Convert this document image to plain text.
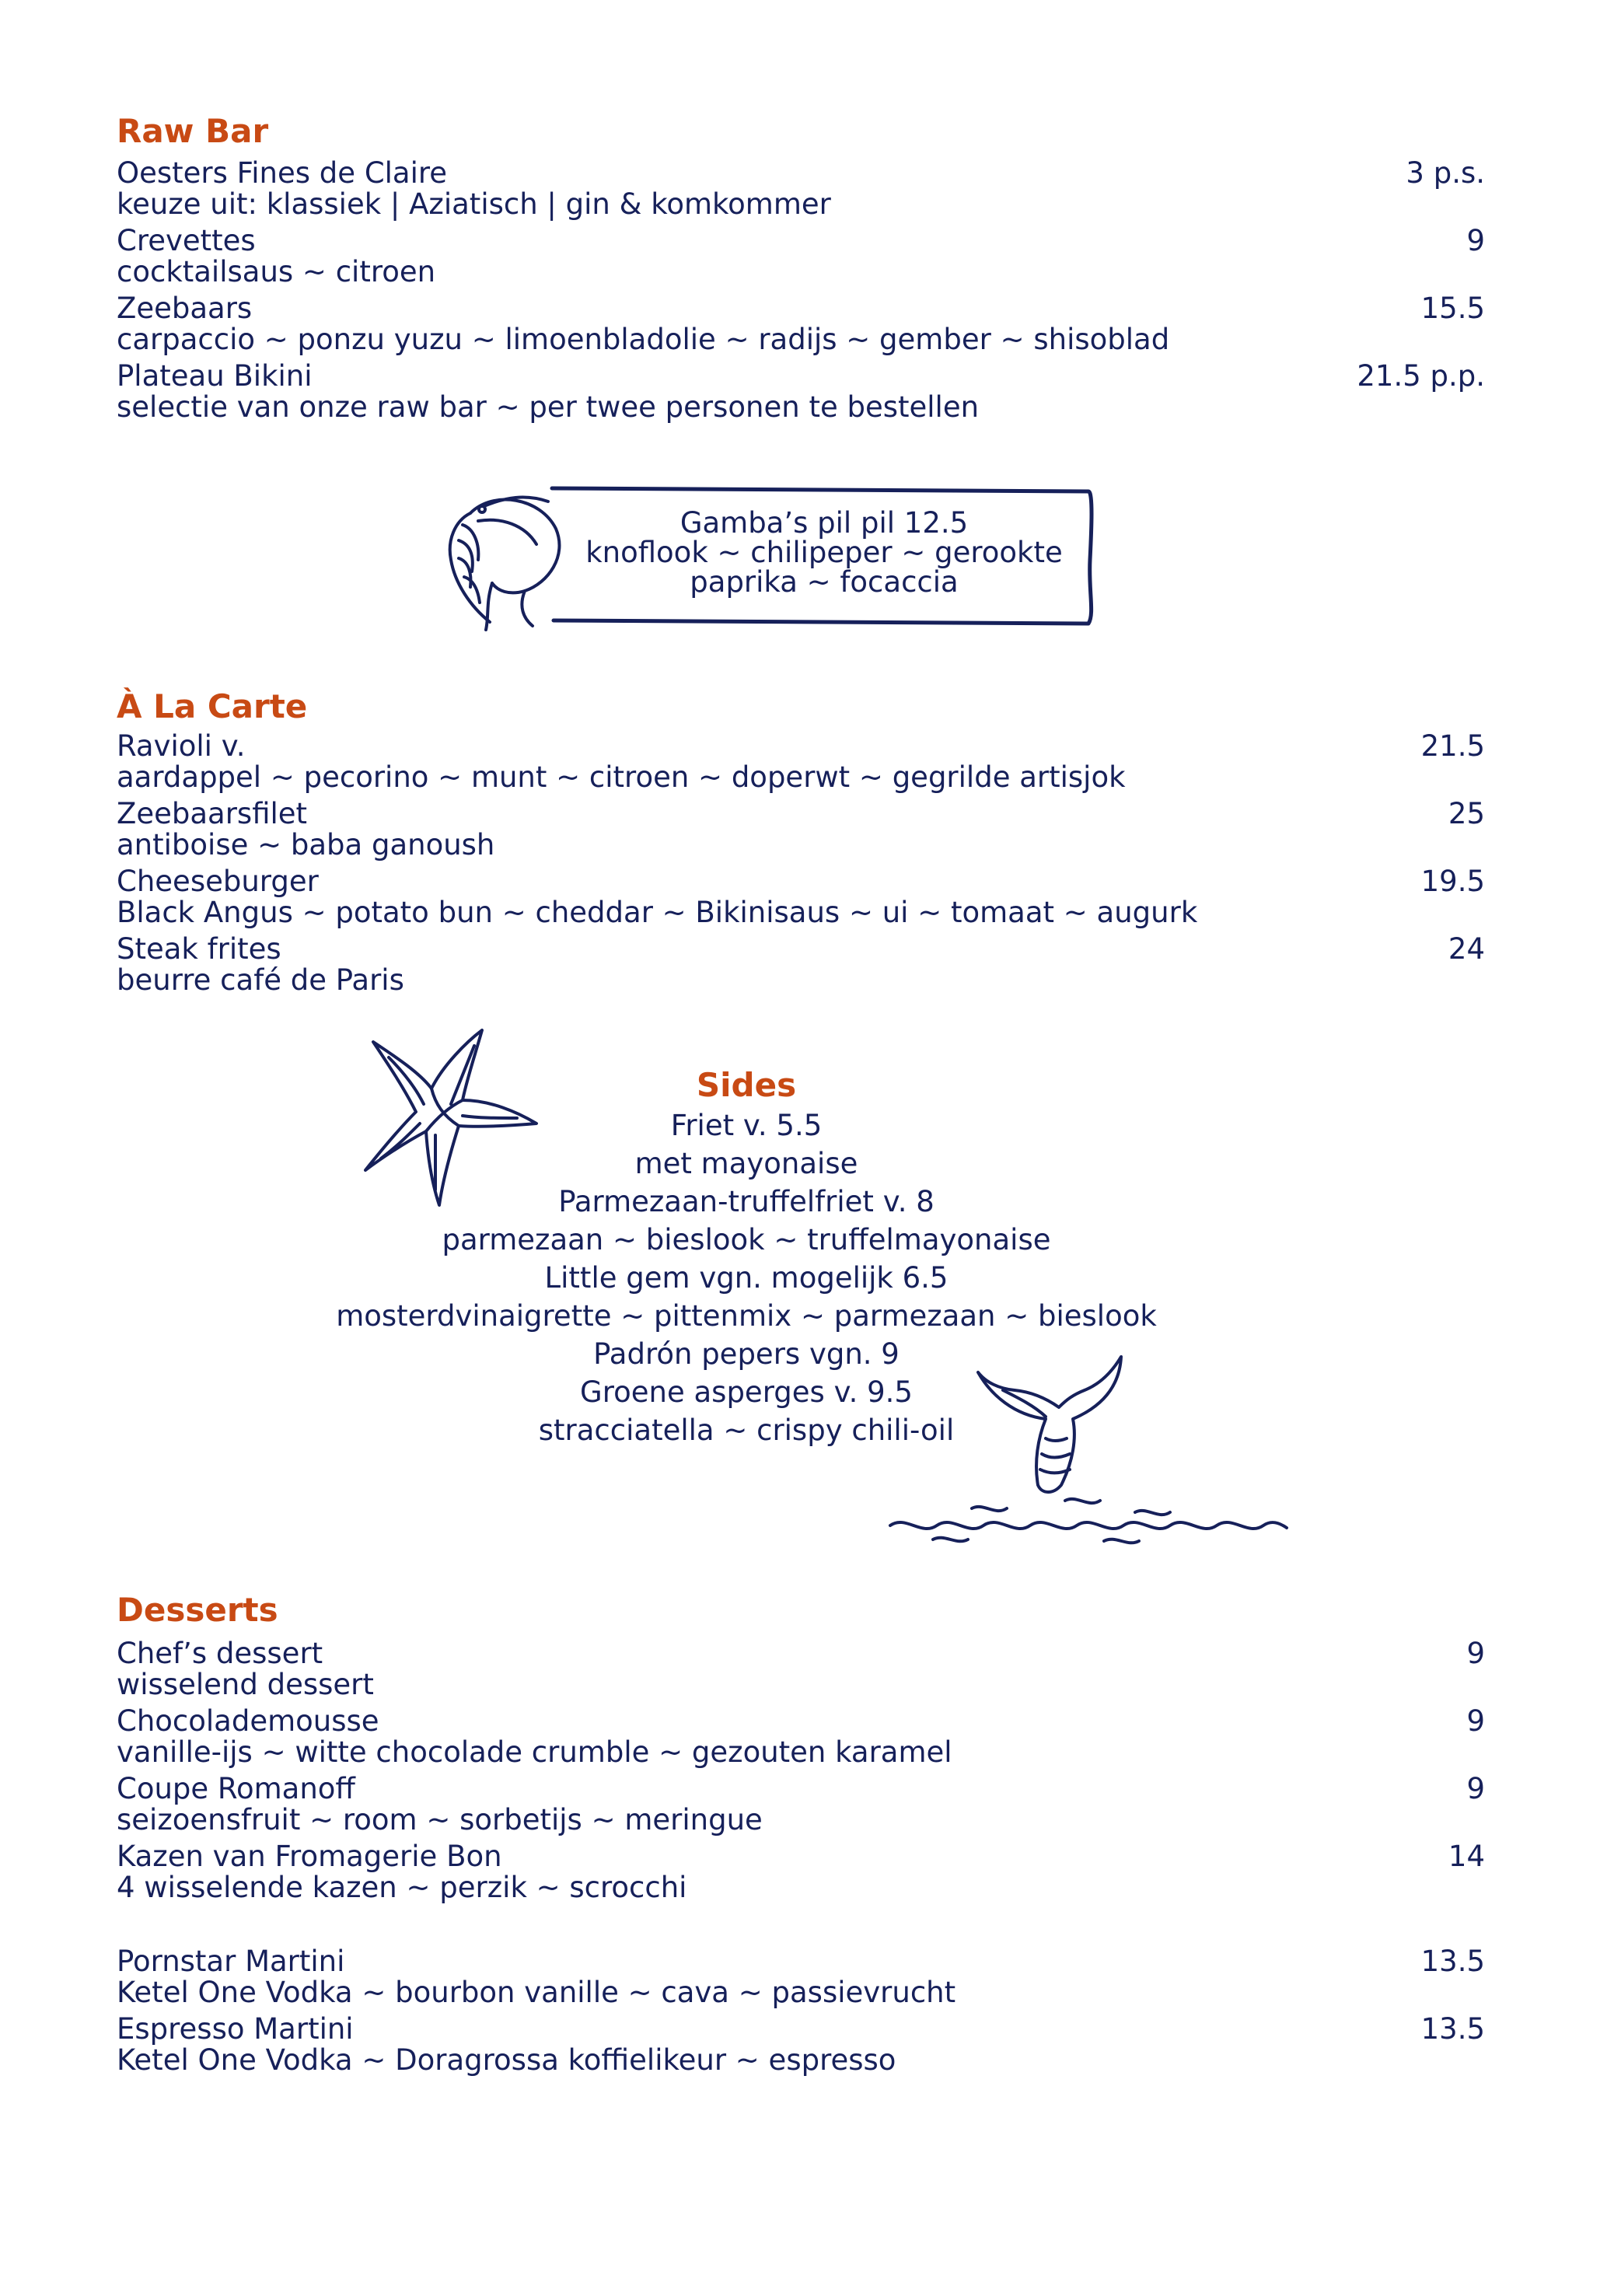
Raw Bar
Oesters Fines de Claire
keuze uit: klassiek | Aziatisch | gin & komkommer
3 p.s.
Crevettes
cocktailsaus ~ citroen
9
Zeebaars
carpaccio ~ ponzu yuzu ~ limoenbladolie ~ radijs ~ gember ~ shisoblad
15.5
Plateau Bikini
selectie van onze raw bar ~ per twee personen te bestellen
21.5 p.p.
Gamba’s pil pil 12.5
knoflook ~ chilipeper ~ gerookte
paprika ~ focaccia
À La Carte
Ravioli v.
aardappel ~ pecorino ~ munt ~ citroen ~ doperwt ~ gegrilde artisjok
21.5
Zeebaarsfilet
antiboise ~ baba ganoush
25
Cheeseburger
Black Angus ~ potato bun ~ cheddar ~ Bikinisaus ~ ui ~ tomaat ~ augurk
19.5
Steak frites
beurre café de Paris
24
Sides
Friet v. 5.5
met mayonaise
Parmezaan-truffelfriet v. 8
parmezaan ~ bieslook ~ truffelmayonaise
Little gem vgn. mogelijk 6.5
mosterdvinaigrette ~ pittenmix ~ parmezaan ~ bieslook
Padrón pepers vgn. 9
Groene asperges v. 9.5
stracciatella ~ crispy chili-oil
Desserts
Chef’s dessert
wisselend dessert
9
Chocolademousse
vanille-ijs ~ witte chocolade crumble ~ gezouten karamel
9
Coupe Romanoff
seizoensfruit ~ room ~ sorbetijs ~ meringue
9
Kazen van Fromagerie Bon
4 wisselende kazen ~ perzik ~ scrocchi
14
Pornstar Martini
Ketel One Vodka ~ bourbon vanille ~ cava ~ passievrucht
13.5
Espresso Martini
Ketel One Vodka ~ Doragrossa koffielikeur ~ espresso
13.5
